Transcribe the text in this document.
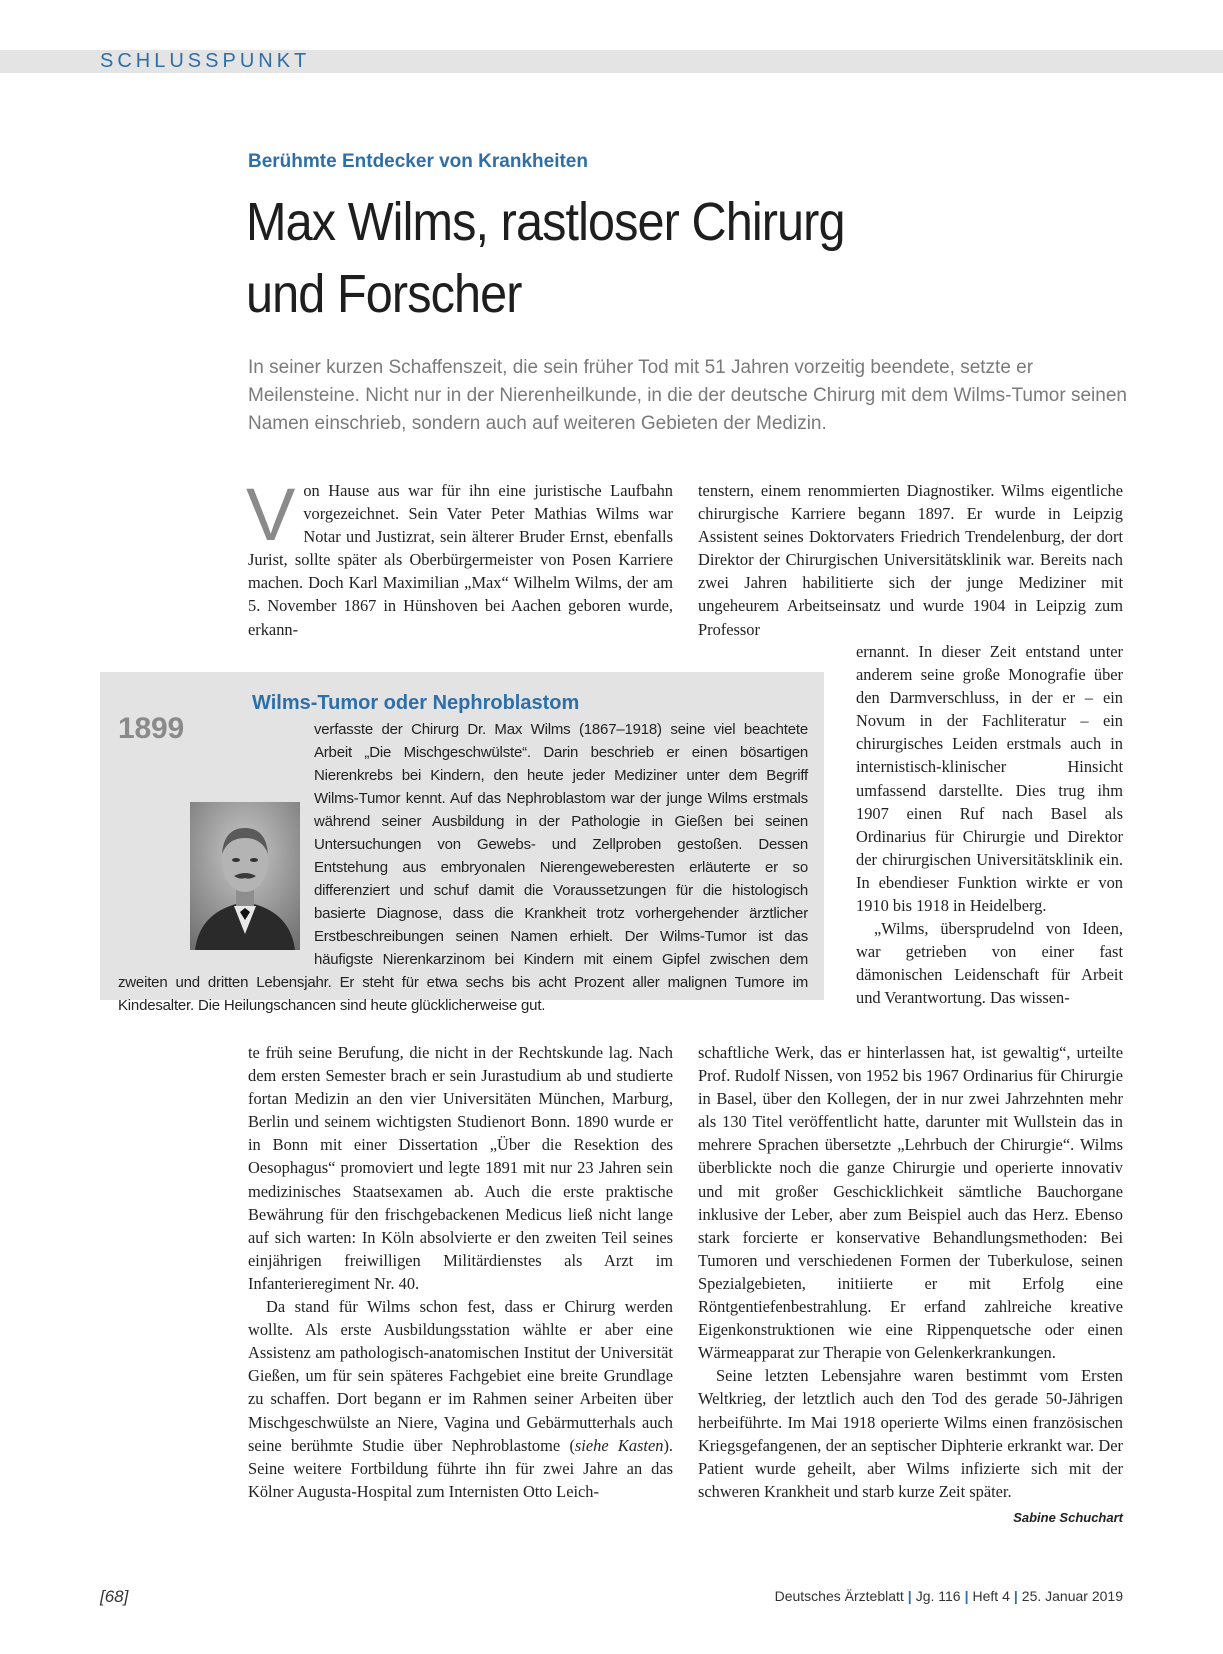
SCHLUSSPUNKT
Berühmte Entdecker von Krankheiten
Max Wilms, rastloser Chirurg
und Forscher
In seiner kurzen Schaffenszeit, die sein früher Tod mit 51 Jahren vorzeitig beendete, setzte er Meilensteine. Nicht nur in der Nierenheilkunde, in die der deutsche Chirurg mit dem Wilms-Tumor seinen Namen einschrieb, sondern auch auf weiteren Gebieten der Medizin.
V on Hause aus war für ihn eine juristische Laufbahn vorgezeichnet. Sein Vater Peter Mathias Wilms war Notar und Justizrat, sein älterer Bruder Ernst, ebenfalls Jurist, sollte später als Oberbürgermeister von Posen Karriere machen. Doch Karl Maximilian „Max“ Wilhelm Wilms, der am 5. November 1867 in Hünshoven bei Aachen geboren wurde, erkann-

tenstern, einem renommierten Diagnostiker. Wilms eigentliche chirurgische Karriere begann 1897. Er wurde in Leipzig Assistent seines Doktorvaters Friedrich Trendelenburg, der dort Direktor der Chirurgischen Universitätsklinik war. Bereits nach zwei Jahren habilitierte sich der junge Mediziner mit ungeheurem Arbeitseinsatz und wurde 1904 in Leipzig zum Professor

ernannt. In dieser Zeit entstand unter anderem seine große Monografie über den Darmverschluss, in der er – ein Novum in der Fachliteratur – ein chirurgisches Leiden erstmals auch in internistisch-klinischer Hinsicht umfassend darstellte. Dies trug ihm 1907 einen Ruf nach Basel als Ordinarius für Chirurgie und Direktor der chirurgischen Universitätsklinik ein. In ebendieser Funktion wirkte er von 1910 bis 1918 in Heidelberg.

„Wilms, übersprudelnd von Ideen, war getrieben von einer fast dämonischen Leidenschaft für Arbeit und Verantwortung. Das wissen-

Wilms-Tumor oder Nephroblastom
1899	verfasste der Chirurg Dr. Max Wilms (1867–1918) seine viel beachtete Arbeit „Die Mischgeschwülste“. Darin beschrieb er einen bösartigen Nierenkrebs bei Kindern, den heute jeder Mediziner unter dem Begriff Wilms-Tumor kennt. Auf das Nephroblastom war der junge Wilms erstmals während seiner Ausbildung in der Pathologie in Gießen bei seinen Untersuchungen von Gewebs- und Zellproben gestoßen. Dessen Entstehung aus embryonalen Nierengeweberesten erläuterte er so differenziert und schuf damit die Voraussetzungen für die histologisch basierte Diagnose, dass die Krankheit trotz vorhergehender ärztlicher Erstbeschreibungen seinen Namen erhielt. Der Wilms-Tumor ist das häufigste Nierenkarzinom bei Kindern mit einem Gipfel zwischen dem zweiten und dritten Lebensjahr. Er steht für etwa sechs bis acht Prozent aller malignen Tumore im Kindesalter. Die Heilungschancen sind heute glücklicherweise gut.

te früh seine Berufung, die nicht in der Rechtskunde lag. Nach dem ersten Semester brach er sein Jurastudium ab und studierte fortan Medizin an den vier Universitäten München, Marburg, Berlin und seinem wichtigsten Studienort Bonn. 1890 wurde er in Bonn mit einer Dissertation „Über die Resektion des Oesophagus“ promoviert und legte 1891 mit nur 23 Jahren sein medizinisches Staatsexamen ab. Auch die erste praktische Bewährung für den frischgebackenen Medicus ließ nicht lange auf sich warten: In Köln absolvierte er den zweiten Teil seines einjährigen freiwilligen Militärdienstes als Arzt im Infanterieregiment Nr. 40.

Da stand für Wilms schon fest, dass er Chirurg werden wollte. Als erste Ausbildungsstation wählte er aber eine Assistenz am pathologisch-anatomischen Institut der Universität Gießen, um für sein späteres Fachgebiet eine breite Grundlage zu schaffen. Dort begann er im Rahmen seiner Arbeiten über Mischgeschwülste an Niere, Vagina und Gebärmutterhals auch seine berühmte Studie über Nephroblastome (siehe Kasten). Seine weitere Fortbildung führte ihn für zwei Jahre an das Kölner Augusta-Hospital zum Internisten Otto Leich-

schaftliche Werk, das er hinterlassen hat, ist gewaltig“, urteilte Prof. Rudolf Nissen, von 1952 bis 1967 Ordinarius für Chirurgie in Basel, über den Kollegen, der in nur zwei Jahrzehnten mehr als 130 Titel veröffentlicht hatte, darunter mit Wullstein das in mehrere Sprachen übersetzte „Lehrbuch der Chirurgie“. Wilms überblickte noch die ganze Chirurgie und operierte innovativ und mit großer Geschicklichkeit sämtliche Bauchorgane inklusive der Leber, aber zum Beispiel auch das Herz. Ebenso stark forcierte er konservative Behandlungsmethoden: Bei Tumoren und verschiedenen Formen der Tuberkulose, seinen Spezialgebieten, initiierte er mit Erfolg eine Röntgentiefenbestrahlung. Er erfand zahlreiche kreative Eigenkonstruktionen wie eine Rippenquetsche oder einen Wärmeapparat zur Therapie von Gelenkerkrankungen.

Seine letzten Lebensjahre waren bestimmt vom Ersten Weltkrieg, der letztlich auch den Tod des gerade 50-Jährigen herbeiführte. Im Mai 1918 operierte Wilms einen französischen Kriegsgefangenen, der an septischer Diphterie erkrankt war. Der Patient wurde geheilt, aber Wilms infizierte sich mit der schweren Krankheit und starb kurze Zeit später.
Sabine Schuchart

[68]	Deutsches Ärzteblatt | Jg. 116 | Heft 4 | 25. Januar 2019
